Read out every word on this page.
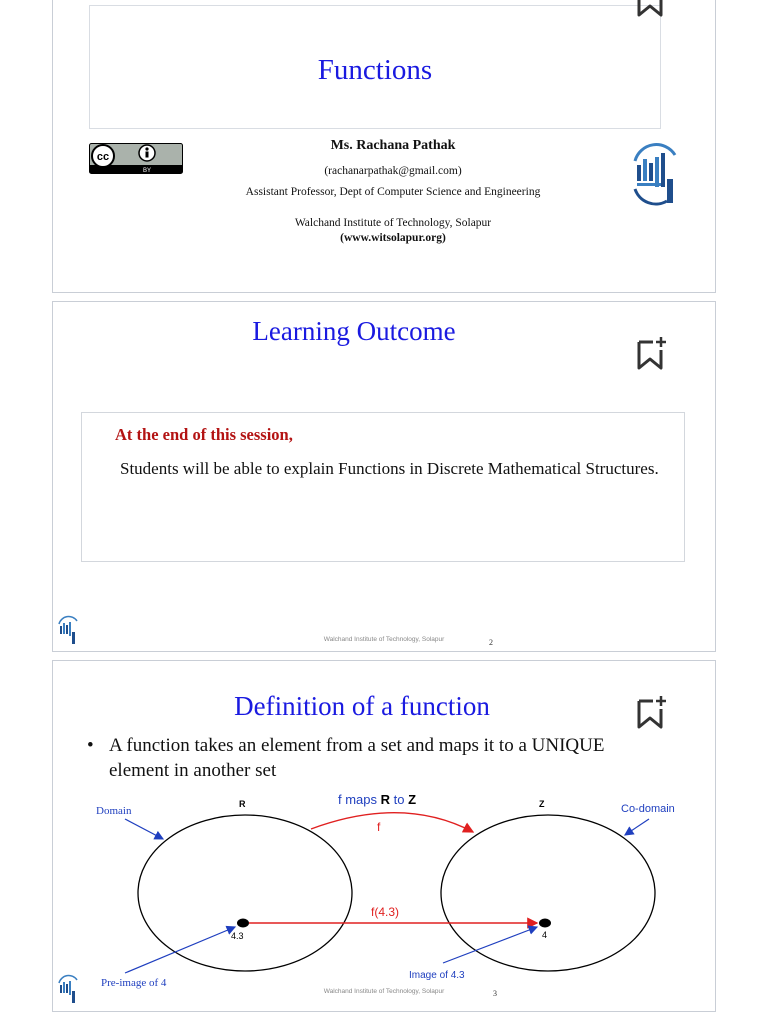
Functions
cc
BY
Ms. Rachana Pathak
(rachanarpathak@gmail.com)
Assistant Professor, Dept of Computer Science and Engineering
Walchand Institute of Technology, Solapur
(www.witsolapur.org)
Learning Outcome
At the end of this session,
Students will be able to explain Functions in Discrete Mathematical Structures.
Walchand Institute of Technology, Solapur	2
Definition of a function
• A function takes an element from a set and maps it to a UNIQUE element in another set
R	Z
Domain	Co-domain
f maps R to Z
f
4.3	4
f(4.3)
Pre-image of 4
Image of 4.3
Walchand Institute of Technology, Solapur	3
